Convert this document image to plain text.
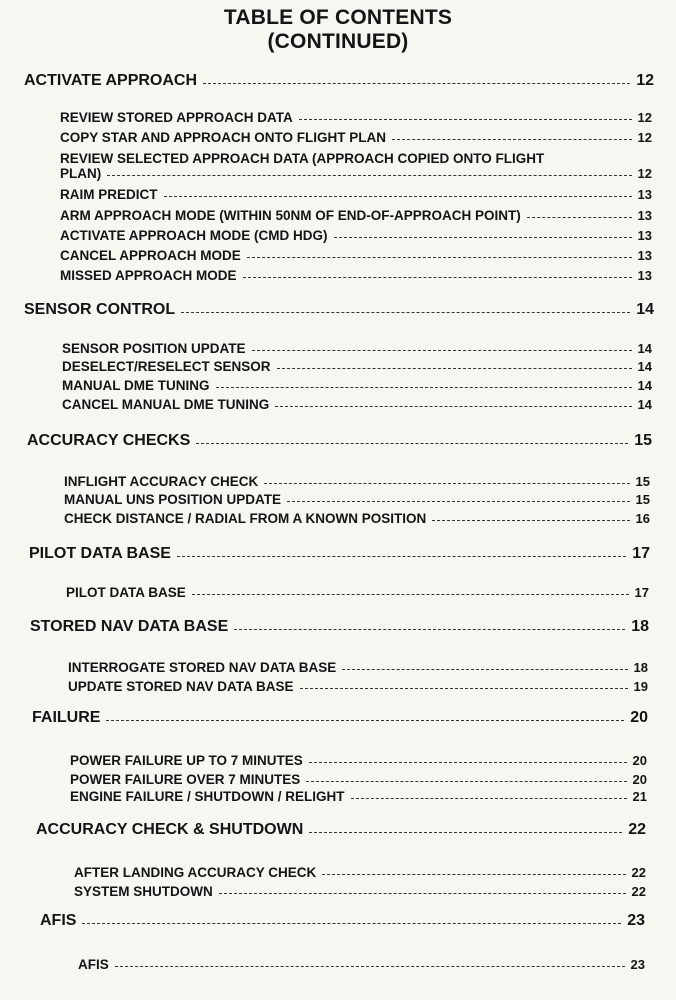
TABLE OF CONTENTS
(CONTINUED)
ACTIVATE APPROACH	12
REVIEW STORED APPROACH DATA	12
COPY STAR AND APPROACH ONTO FLIGHT PLAN	12
REVIEW SELECTED APPROACH DATA (APPROACH COPIED ONTO FLIGHT
PLAN)	12
RAIM PREDICT	13
ARM APPROACH MODE (WITHIN 50NM OF END-OF-APPROACH POINT)	13
ACTIVATE APPROACH MODE (CMD HDG)	13
CANCEL APPROACH MODE	13
MISSED APPROACH MODE	13
SENSOR CONTROL	14
SENSOR POSITION UPDATE	14
DESELECT/RESELECT SENSOR	14
MANUAL DME TUNING	14
CANCEL MANUAL DME TUNING	14
ACCURACY CHECKS	15
INFLIGHT ACCURACY CHECK	15
MANUAL UNS POSITION UPDATE	15
CHECK DISTANCE / RADIAL FROM A KNOWN POSITION	16
PILOT DATA BASE	17
PILOT DATA BASE	17
STORED NAV DATA BASE	18
INTERROGATE STORED NAV DATA BASE	18
UPDATE STORED NAV DATA BASE	19
FAILURE	20
POWER FAILURE UP TO 7 MINUTES	20
POWER FAILURE OVER 7 MINUTES	20
ENGINE FAILURE / SHUTDOWN / RELIGHT	21
ACCURACY CHECK & SHUTDOWN	22
AFTER LANDING ACCURACY CHECK	22
SYSTEM SHUTDOWN	22
AFIS	23
AFIS	23
